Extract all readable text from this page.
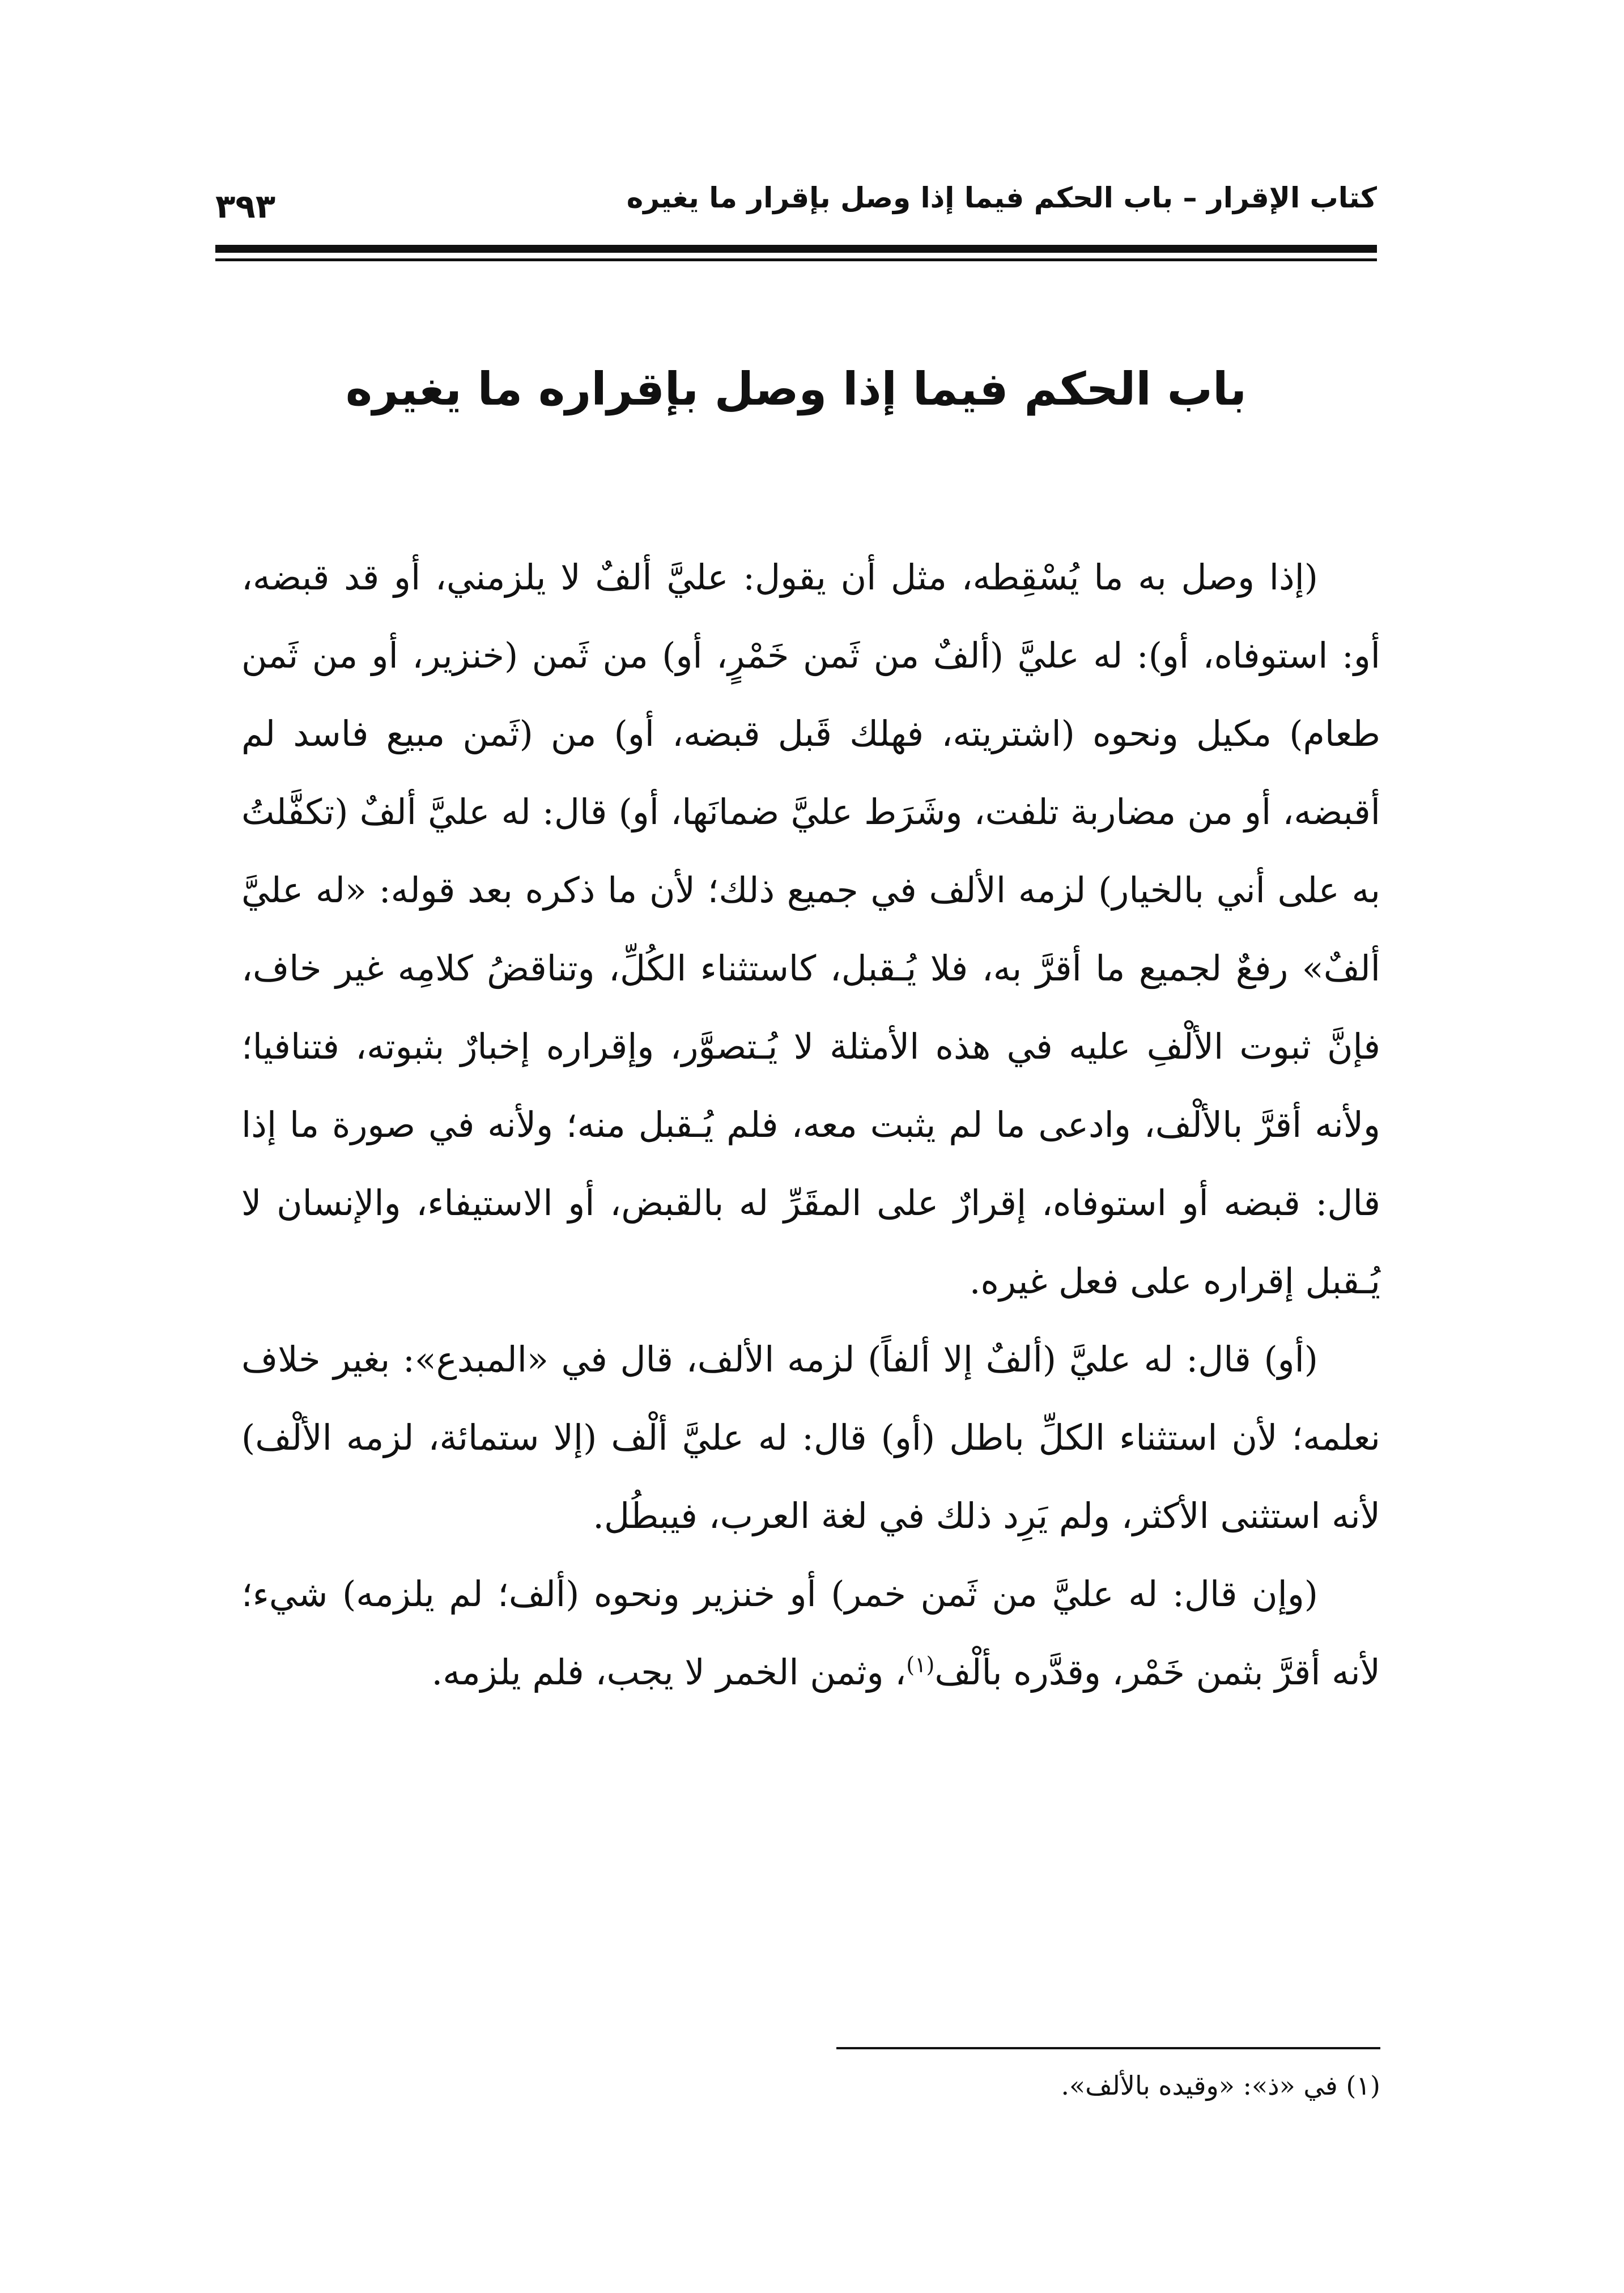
كتاب الإقرار – باب الحكم فيما إذا وصل بإقرار ما يغيره
٣٩٣
باب الحكم فيما إذا وصل بإقراره ما يغيره

(إذا وصل به ما يُسْقِطه، مثل أن يقول: عليَّ ألفٌ لا يلزمني، أو قد قبضه، أو: استوفاه، أو): له عليَّ (ألفٌ من ثَمن خَمْرٍ، أو) من ثَمن (خنزير، أو من ثَمن طعام) مكيل ونحوه (اشتريته، فهلك قَبل قبضه، أو) من (ثَمن مبيع فاسد لم أقبضه، أو من مضاربة تلفت، وشَرَط عليَّ ضمانَها، أو) قال: له عليَّ ألفٌ (تكفَّلتُ به على أني بالخيار) لزمه الألف في جميع ذلك؛ لأن ما ذكره بعد قوله: «له عليَّ ألفٌ» رفعٌ لجميع ما أقرَّ به، فلا يُـقبل، كاستثناء الكُلِّ، وتناقضُ كلامِه غير خاف، فإنَّ ثبوت الألْفِ عليه في هذه الأمثلة لا يُـتصوَّر، وإقراره إخبارٌ بثبوته، فتنافيا؛ ولأنه أقرَّ بالألْف، وادعى ما لم يثبت معه، فلم يُـقبل منه؛ ولأنه في صورة ما إذا قال: قبضه أو استوفاه، إقرارٌ على المقَرِّ له بالقبض، أو الاستيفاء، والإنسان لا يُـقبل إقراره على فعل غيره.

(أو) قال: له عليَّ (ألفٌ إلا ألفاً) لزمه الألف، قال في «المبدع»: بغير خلاف نعلمه؛ لأن استثناء الكلِّ باطل (أو) قال: له عليَّ ألْف (إلا ستمائة، لزمه الألْف) لأنه استثنى الأكثر، ولم يَرِد ذلك في لغة العرب، فيبطُل.

(وإن قال: له عليَّ من ثَمن خمر) أو خنزير ونحوه (ألف؛ لم يلزمه) شيء؛ لأنه أقرَّ بثمن خَمْر، وقدَّره بألْف$^{(١)}$، وثمن الخمر لا يجب، فلم يلزمه.

(١) في «ذ»: «وقيده بالألف».
